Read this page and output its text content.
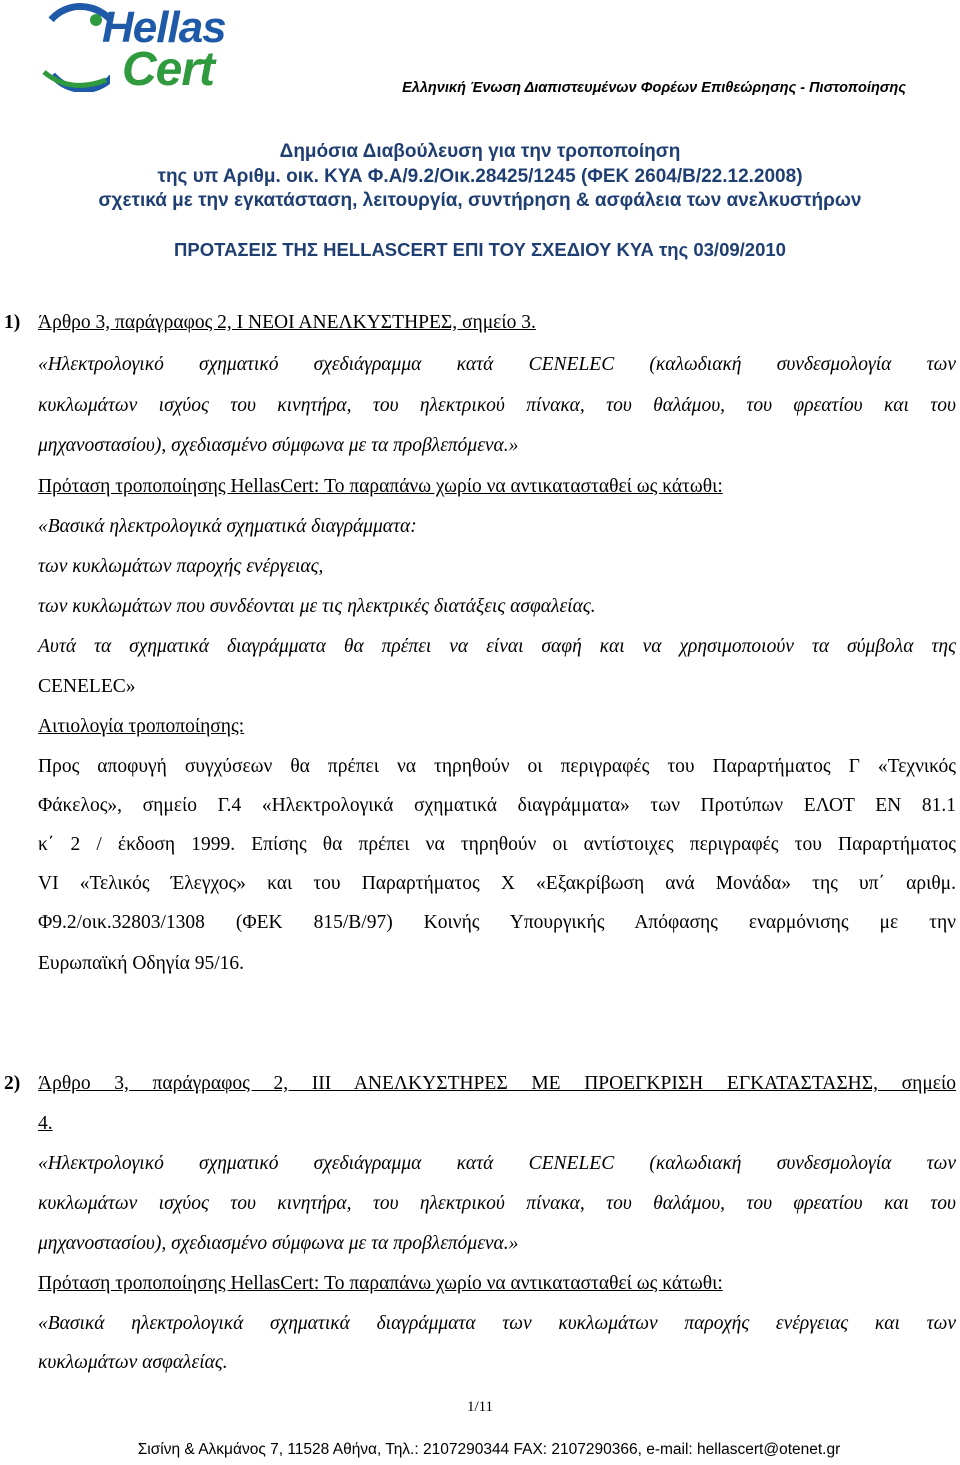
Hellas
Cert	Ελληνική Ένωση Διαπιστευμένων Φορέων Επιθεώρησης - Πιστοποίησης
Δημόσια Διαβούλευση για την τροποποίηση
της υπ Αριθμ. οικ. ΚΥΑ Φ.Α/9.2/Οικ.28425/1245 (ΦΕΚ 2604/Β/22.12.2008)
σχετικά με την εγκατάσταση, λειτουργία, συντήρηση & ασφάλεια των ανελκυστήρων
ΠΡΟΤΑΣΕΙΣ ΤΗΣ HELLASCERT ΕΠΙ ΤΟΥ ΣΧΕΔΙΟΥ ΚΥΑ της 03/09/2010
1) Άρθρο 3, παράγραφος 2, Ι ΝΕΟΙ ΑΝΕΛΚΥΣΤΗΡΕΣ, σημείο 3.
«Ηλεκτρολογικό σχηματικό σχεδιάγραμμα κατά CENELEC (καλωδιακή συνδεσμολογία των
κυκλωμάτων ισχύος του κινητήρα, του ηλεκτρικού πίνακα, του θαλάμου, του φρεατίου και του
μηχανοστασίου), σχεδιασμένο σύμφωνα με τα προβλεπόμενα.»
Πρόταση τροποποίησης HellasCert: Το παραπάνω χωρίο να αντικατασταθεί ως κάτωθι:
«Βασικά ηλεκτρολογικά σχηματικά διαγράμματα:
των κυκλωμάτων παροχής ενέργειας,
των κυκλωμάτων που συνδέονται με τις ηλεκτρικές διατάξεις ασφαλείας.
Αυτά τα σχηματικά διαγράμματα θα πρέπει να είναι σαφή και να χρησιμοποιούν τα σύμβολα της
CENELEC»
Αιτιολογία τροποποίησης:
Προς αποφυγή συγχύσεων θα πρέπει να τηρηθούν οι περιγραφές του Παραρτήματος Γ «Τεχνικός
Φάκελος», σημείο Γ.4 «Ηλεκτρολογικά σχηματικά διαγράμματα» των Προτύπων ΕΛΟΤ ΕΝ 81.1
κ΄ 2 / έκδοση 1999. Επίσης θα πρέπει να τηρηθούν οι αντίστοιχες περιγραφές του Παραρτήματος
VI «Τελικός Έλεγχος» και του Παραρτήματος Χ «Εξακρίβωση ανά Μονάδα» της υπ΄ αριθμ.
Φ9.2/οικ.32803/1308 (ΦΕΚ 815/Β/97) Κοινής Υπουργικής Απόφασης εναρμόνισης με την
Ευρωπαϊκή Οδηγία 95/16.
2) Άρθρο 3, παράγραφος 2, ΙΙΙ ΑΝΕΛΚΥΣΤΗΡΕΣ ΜΕ ΠΡΟΕΓΚΡΙΣΗ ΕΓΚΑΤΑΣΤΑΣΗΣ, σημείο
4.
«Ηλεκτρολογικό σχηματικό σχεδιάγραμμα κατά CENELEC (καλωδιακή συνδεσμολογία των
κυκλωμάτων ισχύος του κινητήρα, του ηλεκτρικού πίνακα, του θαλάμου, του φρεατίου και του
μηχανοστασίου), σχεδιασμένο σύμφωνα με τα προβλεπόμενα.»
Πρόταση τροποποίησης HellasCert: Το παραπάνω χωρίο να αντικατασταθεί ως κάτωθι:
«Βασικά ηλεκτρολογικά σχηματικά διαγράμματα των κυκλωμάτων παροχής ενέργειας και των
κυκλωμάτων ασφαλείας.
1/11
Σισίνη & Αλκμάνος 7, 11528 Αθήνα, Τηλ.: 2107290344 FAX: 2107290366, e-mail: hellascert@otenet.gr
